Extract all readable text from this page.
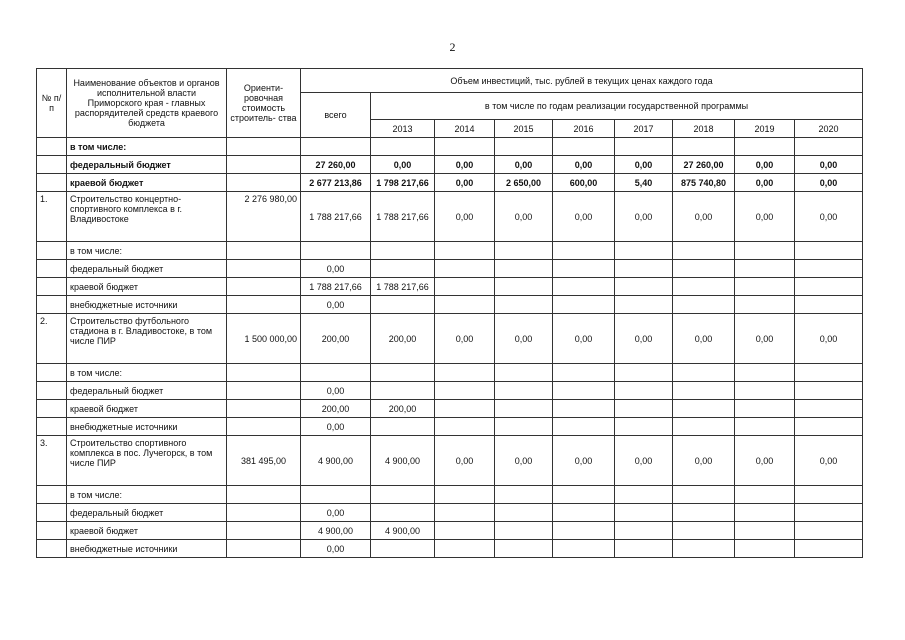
2
№ п/п	Наименование объектов и органов исполнительной власти Приморского края - главных распорядителей средств краевого бюджета	Ориенти- ровочная стоимость строитель- ства	Объем инвестиций, тыс. рублей в текущих ценах каждого года								
			всего	в том числе по годам реализации государственной программы							
				2013	2014	2015	2016	2017	2018	2019	2020
	в том числе:										
	федеральный бюджет		27 260,00	0,00	0,00	0,00	0,00	0,00	27 260,00	0,00	0,00
	краевой бюджет		2 677 213,86	1 798 217,66	0,00	2 650,00	600,00	5,40	875 740,80	0,00	0,00
1.	Строительство концертно- спортивного комплекса в г. Владивостоке	2 276 980,00	1 788 217,66	1 788 217,66	0,00	0,00	0,00	0,00	0,00	0,00	0,00
	в том числе:										
	федеральный бюджет		0,00								
	краевой бюджет		1 788 217,66	1 788 217,66							
	внебюджетные источники		0,00								
2.	Строительство футбольного стадиона в г. Владивостоке, в том числе ПИР	1 500 000,00	200,00	200,00	0,00	0,00	0,00	0,00	0,00	0,00	0,00
	в том числе:										
	федеральный бюджет		0,00								
	краевой бюджет		200,00	200,00							
	внебюджетные источники		0,00								
3.	Строительство спортивного комплекса в пос. Лучегорск, в том числе ПИР	381 495,00	4 900,00	4 900,00	0,00	0,00	0,00	0,00	0,00	0,00	0,00
	в том числе:										
	федеральный бюджет		0,00								
	краевой бюджет		4 900,00	4 900,00							
	внебюджетные источники		0,00								
